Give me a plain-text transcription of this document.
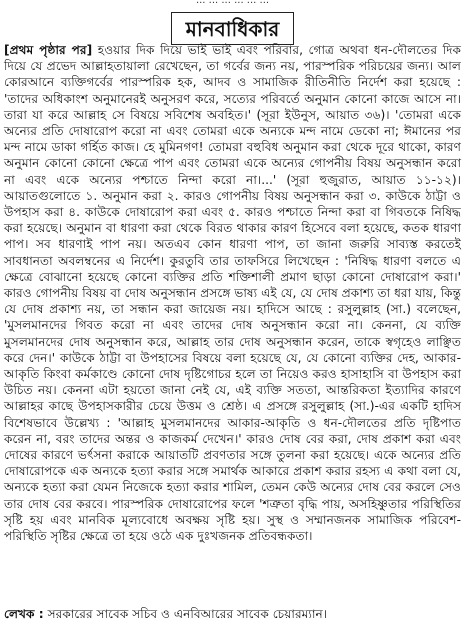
... ... ... ... ... ...
মানবাধিকার

[প্রথম পৃষ্ঠার পর] হওয়ার দিক দিয়ে ভাই ভাই এবং পরিবার, গোত্র অথবা ধন-দৌলতের দিক দিয়ে যে প্রভেদ আল্লাহতায়ালা রেখেছেন, তা গর্বের জন্য নয়, পারস্পরিক পরিচয়ের জন্য। আল কোরআনে ব্যক্তিগর্বের পারস্পরিক হক, আদব ও সামাজিক রীতিনীতি নির্দেশ করা হয়েছে : 'তাদের অধিকাংশ অনুমানেরই অনুসরণ করে, সত্যের পরিবর্তে অনুমান কোনো কাজে আসে না। তারা যা করে আল্লাহ সে বিষয়ে সবিশেষ অবহিত।' (সূরা ইউনুস, আয়াত ৩৬)। 'তোমরা একে অন্যের প্রতি দোষারোপ করো না এবং তোমরা একে অন্যকে মন্দ নামে ডেকো না; ঈমানের পর মন্দ নামে ডাকা গর্হিত কাজ। হে মুমিনগণ! তোমরা বহুবিধ অনুমান করা থেকে দূরে থাকো, কারণ অনুমান কোনো কোনো ক্ষেত্রে পাপ এবং তোমরা একে অন্যের গোপনীয় বিষয় অনুসন্ধান করো না এবং একে অন্যের পশ্চাতে নিন্দা করো না।...' (সূরা হুজুরাত, আয়াত ১১-১২)। আয়াতগুলোতে ১. অনুমান করা ২. কারও গোপনীয় বিষয় অনুসন্ধান করা ৩. কাউকে ঠাট্টা ও উপহাস করা ৪. কাউকে দোষারোপ করা এবং ৫. কারও পশ্চাতে নিন্দা করা বা গিবতকে নিষিদ্ধ করা হয়েছে। অনুমান বা ধারণা করা থেকে বিরত থাকার কারণ হিসেবে বলা হয়েছে, কতক ধারণা পাপ। সব ধারণাই পাপ নয়। অতএব কোন ধারণা পাপ, তা জানা জরুরি সাব্যস্ত করতেই সাবধানতা অবলম্বনের এ নির্দেশ। কুরতুবি তার তাফসিরে লিখেছেন : 'নিষিদ্ধ ধারণা বলতে এ ক্ষেত্রে বোঝানো হয়েছে কোনো ব্যক্তির প্রতি শক্তিশালী প্রমাণ ছাড়া কোনো দোষারোপ করা।' কারও গোপনীয় বিষয় বা দোষ অনুসন্ধান প্রসঙ্গে ভাষ্য এই যে, যে দোষ প্রকাশ্য তা ধরা যায়, কিন্তু যে দোষ প্রকাশ্য নয়, তা সন্ধান করা জায়েজ নয়। হাদিসে আছে : রসুলুল্লাহ (সা.) বলেছেন, 'মুসলমানদের গিবত করো না এবং তাদের দোষ অনুসন্ধান করো না। কেননা, যে ব্যক্তি মুসলমানদের দোষ অনুসন্ধান করে, আল্লাহ তার দোষ অনুসন্ধান করেন, তাকে স্বগৃহেও লাঞ্ছিত করে দেন।' কাউকে ঠাট্টা বা উপহাসের বিষয়ে বলা হয়েছে যে, যে কোনো ব্যক্তির দেহ, আকার-আকৃতি কিংবা কর্মকাণ্ডে কোনো দোষ দৃষ্টিগোচর হলে তা নিয়েও করও হাসাহাসি বা উপহাস করা উচিত নয়। কেননা এটা হয়তো জানা নেই যে, এই ব্যক্তি সততা, আন্তরিকতা ইত্যাদির কারণে আল্লাহর কাছে উপহাসকারীর চেয়ে উত্তম ও শ্রেষ্ঠ। এ প্রসঙ্গে রসুলুল্লাহ (সা.)-এর একটি হাদিস বিশেষভাবে উল্লেখ্য : 'আল্লাহ মুসলমানদের আকার-আকৃতি ও ধন-দৌলতের প্রতি দৃষ্টিপাত করেন না, বরং তাদের অন্তর ও কাজকর্ম দেখেন।' কারও দোষ বের করা, দোষ প্রকাশ করা এবং দোষের কারণে ভর্ৎসনা করাকে আয়াতটি প্রবণতার সঙ্গে তুলনা করা হয়েছে। একে অন্যের প্রতি দোষারোপকে এক অন্যকে হত্যা করার সঙ্গে সমার্থক আকারে প্রকাশ করার রহস্য এ কথা বলা যে, অন্যকে হত্যা করা যেমন নিজেকে হত্যা করার শামিল, তেমন কেউ অন্যের দোষ বের করলে সেও তার দোষ বের করবে। পারস্পরিক দোষারোপের ফলে 'শত্রুতা বৃদ্ধি পায়, অসহিষ্ণুতার পরিস্থিতির সৃষ্টি হয় এবং মানবিক মূল্যবোধে অবক্ষয় সৃষ্টি হয়। সুস্থ ও সম্মানজনক সামাজিক পরিবেশ-পরিস্থিতি সৃষ্টির ক্ষেত্রে তা হয়ে ওঠে এক দুঃখজনক প্রতিবন্ধকতা।

লেখক : সরকারের সাবেক সচিব ও এনবিআরের সাবেক চেয়ারম্যান।
